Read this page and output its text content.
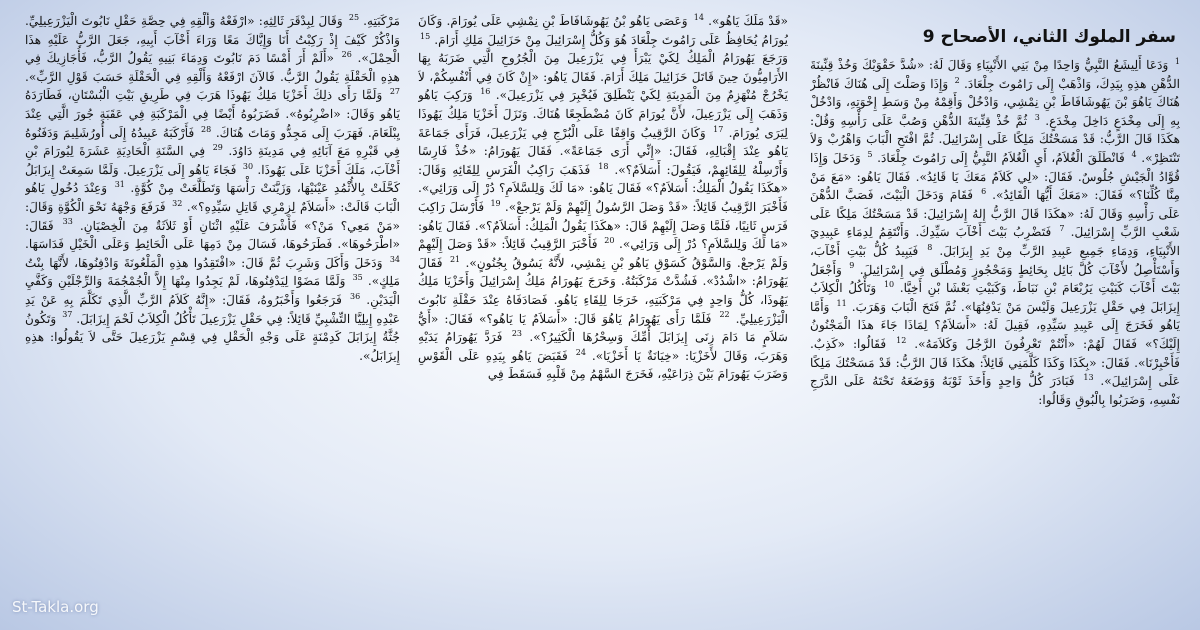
سفر الملوك الثاني، الأصحاح 9
$^1$ وَدَعَا أَلِيشَعُ النَّبِيُّ وَاحِدًا مِنْ بَنِي الأَنْبِيَاءِ وَقَالَ لَهُ: «شُدَّ حَقْوَيْكَ وَخُذْ قِنِّينَةَ الدُّهْنِ هذِهِ بِيَدِكَ، وَاذْهَبْ إِلَى رَامُوتَ جِلْعَادَ. $^2$ وَإِذَا وَصَلْتَ إِلَى هُنَاكَ فَانْظُرْ هُنَاكَ يَاهُوَ بْنَ يَهُوشَافَاطَ بْنِ نِمْشِي، وَادْخُلْ وَأَقِمْهُ مِنْ وَسَطِ إِخْوَتِهِ، وَادْخُلْ بِهِ إِلَى مِخْدَعٍ دَاخِلَ مِخْدَعٍ. $^3$ ثُمَّ خُذْ قِنِّينَةَ الدُّهْنِ وَصُبَّ عَلَى رَأْسِهِ وَقُلْ: هكَذَا قَالَ الرَّبُّ: قَدْ مَسَحْتُكَ مَلِكًا عَلَى إِسْرَائِيلَ. ثُمَّ افْتَحِ الْبَابَ وَاهْرُبْ وَلاَ تَنْتَظِرْ». $^4$ فَانْطَلَقَ الْغُلاَمُ، أَيِ الْغُلاَمُ النَّبِيُّ إِلَى رَامُوتَ جِلْعَادَ. $^5$ وَدَخَلَ وَإِذَا قُوَّادُ الْجَيْشِ جُلُوسٌ. فَقَالَ: «لِي كَلاَمٌ مَعَكَ يَا قَائِدُ». فَقَالَ يَاهُو: «مَعَ مَنْ مِنَّا كُلِّنَا؟» فَقَالَ: «مَعَكَ أَيُّهَا الْقَائِدُ». $^6$ فَقَامَ وَدَخَلَ الْبَيْتَ، فَصَبَّ الدُّهْنَ عَلَى رَأْسِهِ وَقَالَ لَهُ: «هكَذَا قَالَ الرَّبُّ إِلهُ إِسْرَائِيلَ: قَدْ مَسَحْتُكَ مَلِكًا عَلَى شَعْبِ الرَّبِّ إِسْرَائِيلَ. $^7$ فَتَضْرِبُ بَيْتَ أَخْآبَ سَيِّدِكَ. وَأَنْتَقِمُ لِدِمَاءِ عَبِيدِيَ الأَنْبِيَاءِ، وَدِمَاءِ جَمِيعِ عَبِيدِ الرَّبِّ مِنْ يَدِ إِيزَابَلَ. $^8$ فَيَبِيدُ كُلُّ بَيْتِ أَخْآبَ، وَأَسْتَأْصِلُ لأَخْآبَ كُلَّ بَائِل بِحَائِطٍ وَمَحْجُوزٍ وَمُطْلَق فِي إِسْرَائِيلَ. $^9$ وَأَجْعَلُ بَيْتَ أَخْآبَ كَبَيْتِ يَرُبْعَامَ بْنِ نَبَاطَ، وَكَبَيْتِ بَعْشَا بْنِ أَخِيَّا. $^{10}$ وَتَأْكُلُ الْكِلاَبُ إِيزَابَلَ فِي حَقْلِ يَزْرَعِيلَ وَلَيْسَ مَنْ يَدْفِنُهَا». ثُمَّ فَتَحَ الْبَابَ وَهَرَبَ. $^{11}$ وَأَمَّا يَاهُو فَخَرَجَ إِلَى عَبِيدِ سَيِّدِهِ، فَقِيلَ لَهُ: «أَسَلاَمٌ؟ لِمَاذَا جَاءَ هذَا الْمَجْنُونُ إِلَيْكَ؟» فَقَالَ لَهُمْ: «أَنْتُمْ تَعْرِفُونَ الرَّجُلَ وَكَلاَمَهُ». $^{12}$ فَقَالُوا: «كَذِبٌ. فَأَخْبِرْنَا». فَقَالَ: «بِكَذَا وَكَذَا كَلَّمَنِي قَائِلاً: هكَذَا قَالَ الرَّبُّ: قَدْ مَسَحْتُكَ مَلِكًا عَلَى إِسْرَائِيلَ». $^{13}$ فَبَادَرَ كُلُّ وَاحِدٍ وَأَخَذَ ثَوْبَهُ وَوَضَعَهُ تَحْتَهُ عَلَى الدَّرَجِ نَفْسِهِ، وَضَرَبُوا بِالْبُوقِ وَقَالُوا:
«قَدْ مَلَكَ يَاهُو». $^{14}$ وَعَصَى يَاهُو بْنُ يَهُوشَافَاطَ بْنِ نِمْشِي عَلَى يُورَامَ. وَكَانَ يُورَامُ يُحَافِظُ عَلَى رَامُوتَ جِلْعَادَ هُوَ وَكُلُّ إِسْرَائِيلَ مِنْ حَزَائِيلَ مَلِكِ أَرَامَ. $^{15}$ وَرَجَعَ يَهُورَامُ الْمَلِكُ لِكَيْ يَبْرَأَ فِي يَزْرَعِيلَ مِنَ الْجُرُوحِ الَّتِي ضَرَبَهُ بِهَا الأَرَامِيُّونَ حِينَ قَاتَلَ حَزَائِيلَ مَلِكَ أَرَامَ. فَقَالَ يَاهُو: «إِنْ كَانَ فِي أَنْفُسِكُمْ، لاَ يَخْرُجْ مُنْهَزِمٌ مِنَ الْمَدِينَةِ لِكَيْ يَنْطَلِقَ فَيُخْبِرَ فِي يَزْرَعِيلَ». $^{16}$ وَرَكِبَ يَاهُو وَذَهَبَ إِلَى يَزْرَعِيلَ، لأَنَّ يُورَامَ كَانَ مُضْطَجِعًا هُنَاكَ. وَنَزَلَ أَخَزْيَا مَلِكُ يَهُوذَا لِيَرَى يُورَامَ. $^{17}$ وَكَانَ الرَّقِيبُ وَاقِفًا عَلَى الْبُرْجِ فِي يَزْرَعِيلَ، فَرَأَى جَمَاعَةَ يَاهُو عِنْدَ إِقْبَالِهِ، فَقَالَ: «إِنِّي أَرَى جَمَاعَةً». فَقَالَ يَهُورَامُ: «خُذْ فَارِسًا وَأَرْسِلْهُ لِلِقَائِهِمْ، فَيَقُولَ: أَسَلاَمٌ؟». $^{18}$ فَذَهَبَ رَاكِبُ الْفَرَسِ لِلِقَائِهِ وَقَالَ: «هكَذَا يَقُولُ الْمَلِكُ: أَسَلاَمٌ؟» فَقَالَ يَاهُو: «مَا لَكَ وَلِلسَّلاَمِ؟ دُرْ إِلَى وَرَائِي». فَأَخْبَرَ الرَّقِيبُ قَائِلاً: «قَدْ وَصَلَ الرَّسُولُ إِلَيْهِمْ وَلَمْ يَرْجعْ». $^{19}$ فَأَرْسَلَ رَاكِبَ فَرَسٍ ثَانِيًا، فَلَمَّا وَصَلَ إِلَيْهِمْ قَالَ: «هكَذَا يَقُولُ الْمَلِكُ: أَسَلاَمٌ؟». فَقَالَ يَاهُو: «مَا لَكَ وَلِلسَّلاَمِ؟ دُرْ إِلَى وَرَائِي». $^{20}$ فَأَخْبَرَ الرَّقِيبُ قَائِلاً: «قَدْ وَصَلَ إِلَيْهِمْ وَلَمْ يَرْجعْ. وَالسَّوْقُ كَسَوْقِ يَاهُو بْنِ نِمْشِي، لأَنَّهُ يَسُوقُ بِجُنُونٍ». $^{21}$ فَقَالَ يَهُورَامُ: «اشْدُدْ». فَشُدَّتْ مَرْكَبَتُهُ. وَخَرَجَ يَهُورَامُ مَلِكُ إِسْرَائِيلَ وَأَخَزْيَا مَلِكُ يَهُوذَا، كُلُّ وَاحِدٍ فِي مَرْكَبَتِهِ، خَرَجَا لِلِقَاءِ يَاهُو. فَصَادَفَاهُ عِنْدَ حَقْلَةِ نَابُوتَ الْيَزْرَعِيلِيِّ. $^{22}$ فَلَمَّا رَأَى يَهُورَامُ يَاهُوَ قَالَ: «أَسَلاَمٌ يَا يَاهُو؟» فَقَالَ: «أَيُّ سَلاَمٍ مَا دَامَ زِنَى إِيزَابَلَ أُمِّكَ وَسِحْرُهَا الْكَثِيرُ؟». $^{23}$ فَرَدَّ يَهُورَامُ يَدَيْهِ وَهَرَبَ، وَقَالَ لأَخَزْيَا: «خِيَانَةٌ يَا أَخَزْيَا». $^{24}$ فَقَبَضَ يَاهُو بِيَدِهِ عَلَى الْقَوْسِ وَضَرَبَ يَهُورَامَ بَيْنَ ذِرَاعَيْهِ، فَخَرَجَ السَّهْمُ مِنْ قَلْبِهِ فَسَقَطَ فِي
مَرْكَبَتِهِ. $^{25}$ وَقَالَ لِبِدْقَرَ ثَالِثِهِ: «ارْفَعْهُ وَأَلْقِهِ فِي حِصَّةِ حَقْلِ نَابُوتَ الْيَزْرَعِيلِيِّ. وَاذْكُرْ كَيْفَ إِذْ رَكِبْتُ أَنَا وَإِيَّاكَ مَعًا وَرَاءَ أَخْآبَ أَبِيهِ، جَعَلَ الرَّبُّ عَلَيْهِ هذَا الْحِمْلَ». $^{26}$ «أَلَمْ أَرَ أَمْسًا دَمَ نَابُوتَ وَدِمَاءَ بَنِيهِ يَقُولُ الرَّبُّ، فَأُجَازِيكَ فِي هذِهِ الْحَقْلَةِ يَقُولُ الرَّبُّ. فَالآنَ ارْفَعْهُ وَأَلْقِهِ فِي الْحَقْلَةِ حَسَبَ قَوْلِ الرَّبِّ». $^{27}$ وَلَمَّا رَأَى ذلِكَ أَخَزْيَا مَلِكُ يَهُوذَا هَرَبَ فِي طَرِيقِ بَيْتِ الْبُسْتَانِ، فَطَارَدَهُ يَاهُو وَقَالَ: «اضْرِبُوهُ». فَضَرَبُوهُ أَيْضًا فِي الْمَرْكَبَةِ فِي عَقَبَةِ جُورَ الَّتِي عِنْدَ يِبْلَعَامَ. فَهَرَبَ إِلَى مَجِدُّو وَمَاتَ هُنَاكَ. $^{28}$ فَأَرْكَبَهُ عَبِيدُهُ إِلَى أُورُشَلِيمَ وَدَفَنُوهُ فِي قَبْرِهِ مَعَ آبَائِهِ فِي مَدِينَةِ دَاوُدَ. $^{29}$ فِي السَّنَةِ الْحَادِيَةِ عَشَرَةَ لِيُورَامَ بْنِ أَخْآبَ، مَلَكَ أَخَزْيَا عَلَى يَهُوذَا. $^{30}$ فَجَاءَ يَاهُو إِلَى يَزْرَعِيلَ. وَلَمَّا سَمِعَتْ إِيزَابَلُ كَحَّلَتْ بِالأُثْمُدِ عَيْنَيْهَا، وَزَيَّنَتْ رَأْسَهَا وَتَطَلَّعَتْ مِنْ كُوَّةٍ. $^{31}$ وَعِنْدَ دُخُولِ يَاهُو الْبَابَ قَالَتْ: «أَسَلاَمٌ لِزِمْرِي قَاتِلِ سَيِّدِهِ؟». $^{32}$ فَرَفَعَ وَجْهَهُ نَحْوَ الْكُوَّةِ وَقَالَ: «مَنْ مَعِي؟ مَنْ؟» فَأَشْرَفَ عَلَيْهِ اثْنَانِ أَوْ ثَلاَثَةٌ مِنَ الْخِصْيَانِ. $^{33}$ فَقَالَ: «اطْرَحُوهَا». فَطَرَحُوهَا، فَسَالَ مِنْ دَمِهَا عَلَى الْحَائِطِ وَعَلَى الْخَيْلِ فَدَاسَهَا. $^{34}$ وَدَخَلَ وَأَكَلَ وَشَرِبَ ثُمَّ قَالَ: «افْتَقِدُوا هذِهِ الْمَلْعُونَةَ وَادْفِنُوهَا، لأَنَّهَا بِنْتُ مَلِكٍ». $^{35}$ وَلَمَّا مَضَوْا لِيَدْفِنُوهَا، لَمْ يَجِدُوا مِنْهَا إِلاَّ الْجُمْجُمَةَ وَالرِّجْلَيْنِ وَكَفَّيِ الْيَدَيْنِ. $^{36}$ فَرَجَعُوا وَأَخْبَرُوهُ، فَقَالَ: «إِنَّهُ كَلاَمُ الرَّبِّ الَّذِي تَكَلَّمَ بِهِ عَنْ يَدِ عَبْدِهِ إِيلِيَّا التِّشْبِيِّ قَائِلاً: فِي حَقْلِ يَزْرَعِيلَ تَأْكُلُ الْكِلاَبُ لَحْمَ إِيزَابَلَ. $^{37}$ وَتَكُونُ جُثَّةُ إِيزَابَلَ كَدِمْنَةٍ عَلَى وَجْهِ الْحَقْلِ فِي قِسْمِ يَزْرَعِيلَ حَتَّى لاَ يَقُولُوا: هذِهِ إِيزَابَلُ».
St-Takla.org
